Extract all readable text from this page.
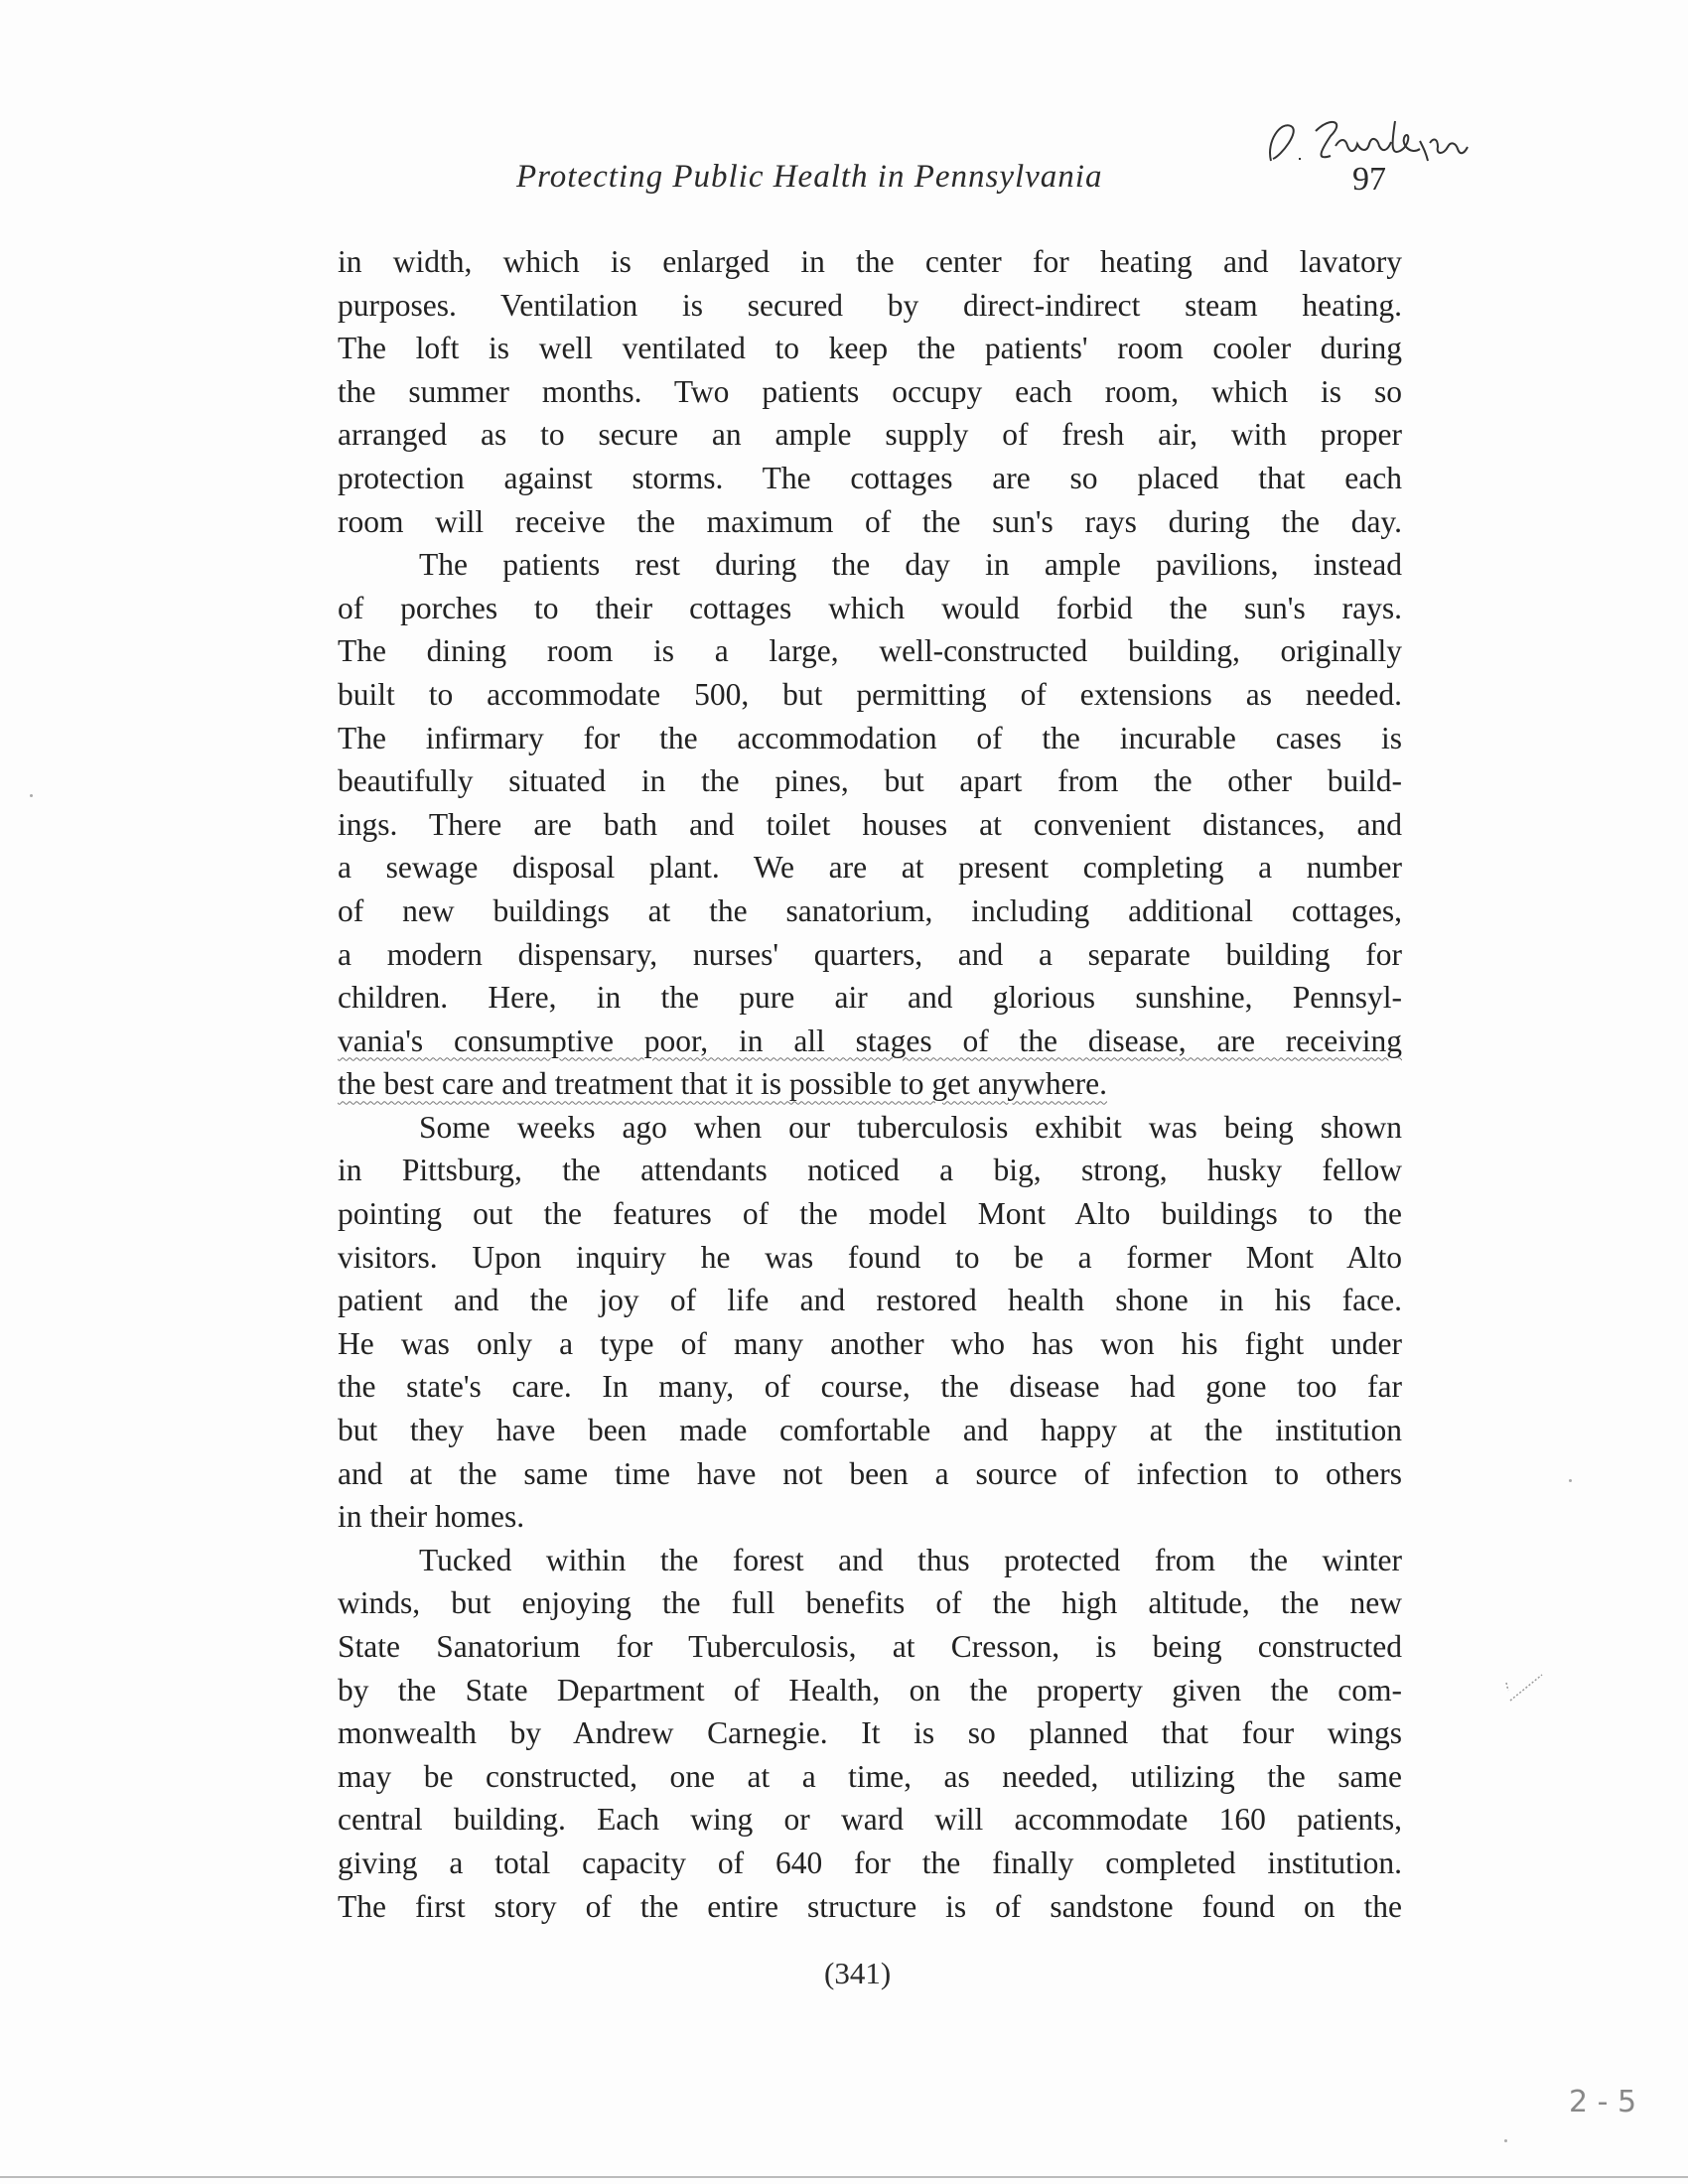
Protecting Public Health in Pennsylvania	97
in width, which is enlarged in the center for heating and lavatory
purposes. Ventilation is secured by direct-indirect steam heating.
The loft is well ventilated to keep the patients' room cooler during
the summer months. Two patients occupy each room, which is so
arranged as to secure an ample supply of fresh air, with proper
protection against storms. The cottages are so placed that each
room will receive the maximum of the sun's rays during the day.
The patients rest during the day in ample pavilions, instead
of porches to their cottages which would forbid the sun's rays.
The dining room is a large, well-constructed building, originally
built to accommodate 500, but permitting of extensions as needed.
The infirmary for the accommodation of the incurable cases is
beautifully situated in the pines, but apart from the other build-
ings. There are bath and toilet houses at convenient distances, and
a sewage disposal plant. We are at present completing a number
of new buildings at the sanatorium, including additional cottages,
a modern dispensary, nurses' quarters, and a separate building for
children. Here, in the pure air and glorious sunshine, Pennsyl-
vania's consumptive poor, in all stages of the disease, are receiving
the best care and treatment that it is possible to get anywhere.
Some weeks ago when our tuberculosis exhibit was being shown
in Pittsburg, the attendants noticed a big, strong, husky fellow
pointing out the features of the model Mont Alto buildings to the
visitors. Upon inquiry he was found to be a former Mont Alto
patient and the joy of life and restored health shone in his face.
He was only a type of many another who has won his fight under
the state's care. In many, of course, the disease had gone too far
but they have been made comfortable and happy at the institution
and at the same time have not been a source of infection to others
in their homes.
Tucked within the forest and thus protected from the winter
winds, but enjoying the full benefits of the high altitude, the new
State Sanatorium for Tuberculosis, at Cresson, is being constructed
by the State Department of Health, on the property given the com-
monwealth by Andrew Carnegie. It is so planned that four wings
may be constructed, one at a time, as needed, utilizing the same
central building. Each wing or ward will accommodate 160 patients,
giving a total capacity of 640 for the finally completed institution.
The first story of the entire structure is of sandstone found on the
(341)
2 - 5
